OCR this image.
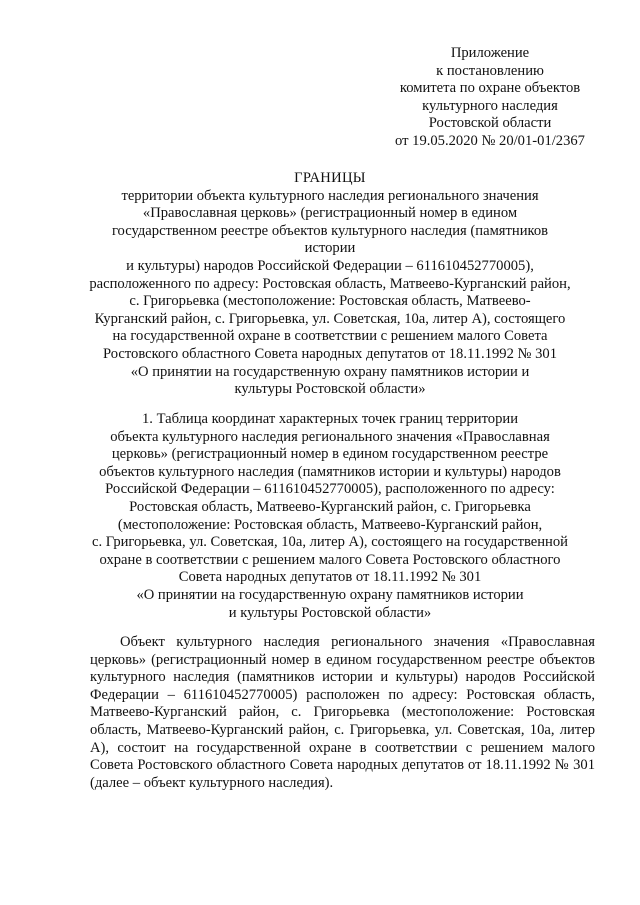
Приложение
к постановлению
комитета по охране объектов
культурного наследия
Ростовской области
от 19.05.2020 № 20/01-01/2367
ГРАНИЦЫ
территории объекта культурного наследия регионального значения
«Православная церковь» (регистрационный номер в едином
государственном реестре объектов культурного наследия (памятников
истории
и культуры) народов Российской Федерации – 611610452770005),
расположенного по адресу: Ростовская область, Матвеево-Курганский район,
с. Григорьевка (местоположение: Ростовская область, Матвеево-
Курганский район, с. Григорьевка, ул. Советская, 10а, литер А), состоящего
на государственной охране в соответствии с решением малого Совета
Ростовского областного Совета народных депутатов от 18.11.1992 № 301
«О принятии на государственную охрану памятников истории и
культуры Ростовской области»
1. Таблица координат характерных точек границ территории
объекта культурного наследия регионального значения «Православная
церковь» (регистрационный номер в едином государственном реестре
объектов культурного наследия (памятников истории и культуры) народов
Российской Федерации – 611610452770005), расположенного по адресу:
Ростовская область, Матвеево-Курганский район, с. Григорьевка
(местоположение: Ростовская область, Матвеево-Курганский район,
с. Григорьевка, ул. Советская, 10а, литер А), состоящего на государственной
охране в соответствии с решением малого Совета Ростовского областного
Совета народных депутатов от 18.11.1992 № 301
«О принятии на государственную охрану памятников истории
и культуры Ростовской области»

Объект культурного наследия регионального значения «Православная церковь» (регистрационный номер в едином государственном реестре объектов культурного наследия (памятников истории и культуры) народов Российской Федерации – 611610452770005) расположен по адресу: Ростовская область, Матвеево-Курганский район, с. Григорьевка (местоположение: Ростовская область, Матвеево-Курганский район, с. Григорьевка, ул. Советская, 10а, литер А), состоит на государственной охране в соответствии с решением малого Совета Ростовского областного Совета народных депутатов от 18.11.1992 № 301 (далее – объект культурного наследия).
